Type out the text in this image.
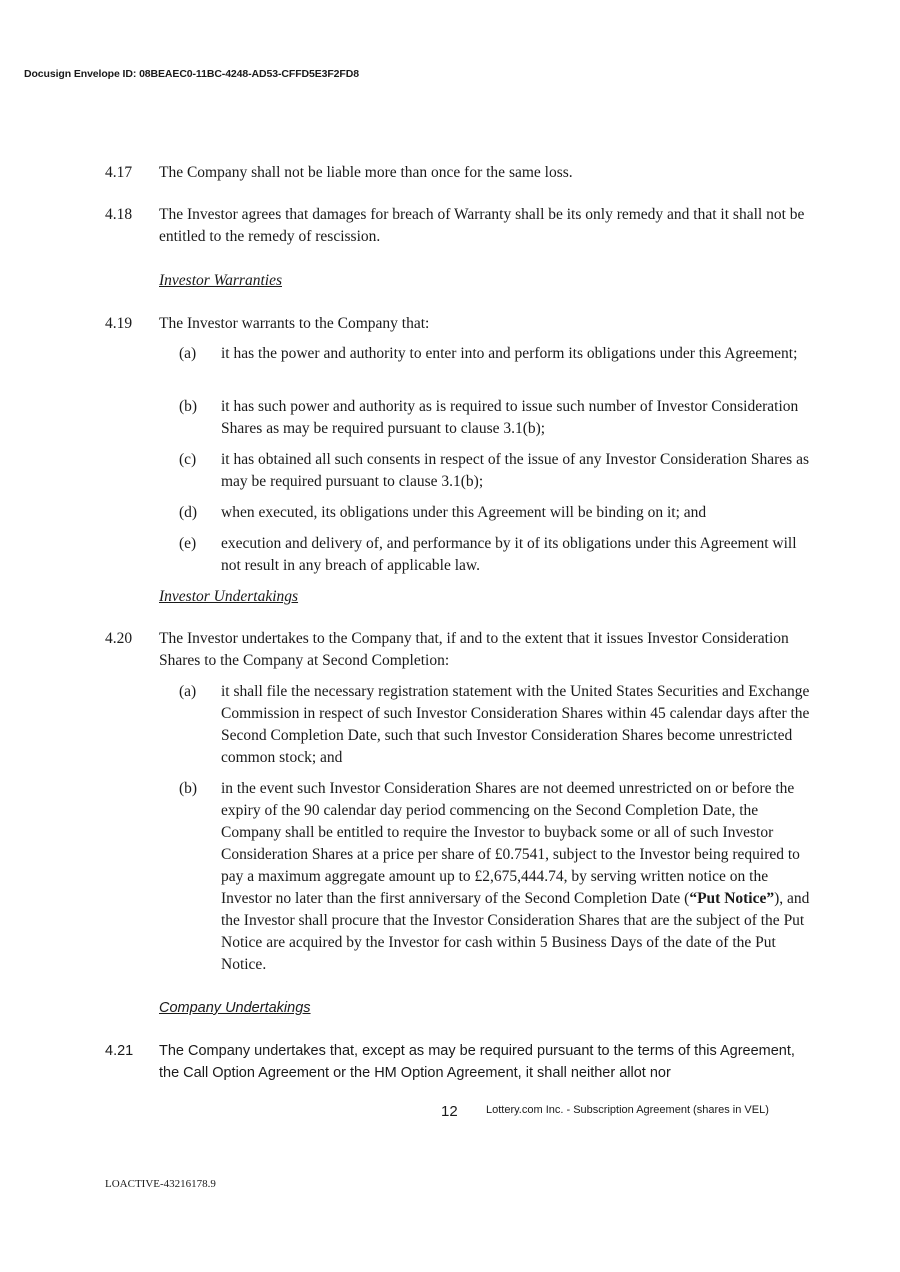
Docusign Envelope ID: 08BEAEC0-11BC-4248-AD53-CFFD5E3F2FD8
4.17 The Company shall not be liable more than once for the same loss.
4.18 The Investor agrees that damages for breach of Warranty shall be its only remedy and that it shall not be entitled to the remedy of rescission.
Investor Warranties
4.19 The Investor warrants to the Company that:
(a) it has the power and authority to enter into and perform its obligations under this Agreement;
(b) it has such power and authority as is required to issue such number of Investor Consideration Shares as may be required pursuant to clause 3.1(b);
(c) it has obtained all such consents in respect of the issue of any Investor Consideration Shares as may be required pursuant to clause 3.1(b);
(d) when executed, its obligations under this Agreement will be binding on it; and
(e) execution and delivery of, and performance by it of its obligations under this Agreement will not result in any breach of applicable law.
Investor Undertakings
4.20 The Investor undertakes to the Company that, if and to the extent that it issues Investor Consideration Shares to the Company at Second Completion:
(a) it shall file the necessary registration statement with the United States Securities and Exchange Commission in respect of such Investor Consideration Shares within 45 calendar days after the Second Completion Date, such that such Investor Consideration Shares become unrestricted common stock; and
(b) in the event such Investor Consideration Shares are not deemed unrestricted on or before the expiry of the 90 calendar day period commencing on the Second Completion Date, the Company shall be entitled to require the Investor to buyback some or all of such Investor Consideration Shares at a price per share of £0.7541, subject to the Investor being required to pay a maximum aggregate amount up to £2,675,444.74, by serving written notice on the Investor no later than the first anniversary of the Second Completion Date (“Put Notice”), and the Investor shall procure that the Investor Consideration Shares that are the subject of the Put Notice are acquired by the Investor for cash within 5 Business Days of the date of the Put Notice.
Company Undertakings
4.21 The Company undertakes that, except as may be required pursuant to the terms of this Agreement, the Call Option Agreement or the HM Option Agreement, it shall neither allot nor
12	Lottery.com Inc. - Subscription Agreement (shares in VEL)
LOACTIVE-43216178.9
